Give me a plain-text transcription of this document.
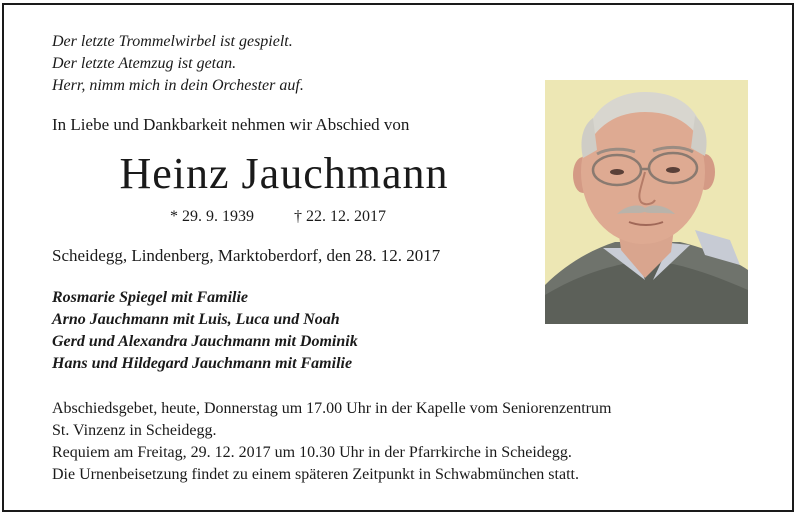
Der letzte Trommelwirbel ist gespielt.
Der letzte Atemzug ist getan.
Herr, nimm mich in dein Orchester auf.
In Liebe und Dankbarkeit nehmen wir Abschied von
Heinz Jauchmann
* 29. 9. 1939	† 22. 12. 2017
Scheidegg, Lindenberg, Marktoberdorf, den 28. 12. 2017
Rosmarie Spiegel mit Familie
Arno Jauchmann mit Luis, Luca und Noah
Gerd und Alexandra Jauchmann mit Dominik
Hans und Hildegard Jauchmann mit Familie
Abschiedsgebet, heute, Donnerstag um 17.00 Uhr in der Kapelle vom Seniorenzentrum
St. Vinzenz in Scheidegg.
Requiem am Freitag, 29. 12. 2017 um 10.30 Uhr in der Pfarrkirche in Scheidegg.
Die Urnenbeisetzung findet zu einem späteren Zeitpunkt in Schwabmünchen statt.
